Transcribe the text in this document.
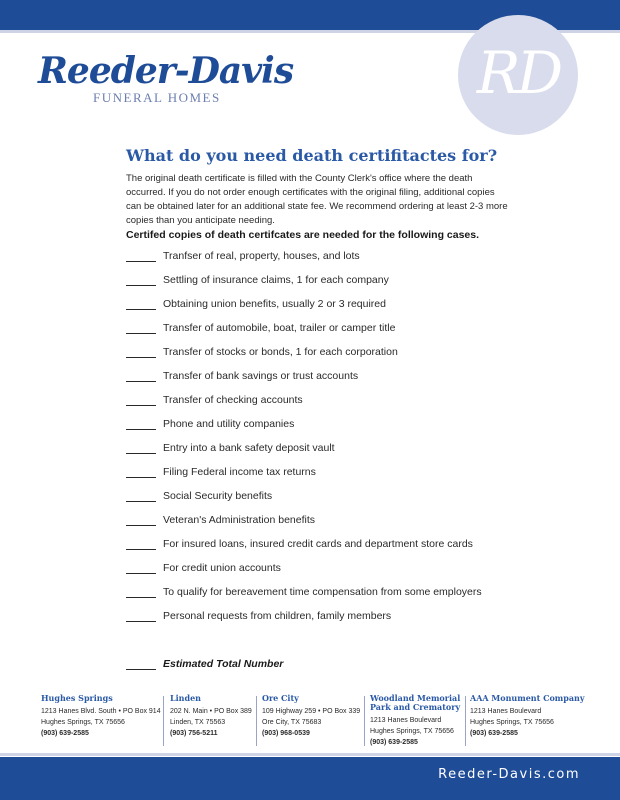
RD
Reeder-Davis
FUNERAL HOMES
What do you need death certifitactes for?
The original death certificate is filled with the County Clerk's office where the death occurred. If you do not order enough certificates with the original filing, additional copies can be obtained later for an additional state fee. We recommend ordering at least 2-3 more copies than you anticipate needing.
Certifed copies of death certifcates are needed for the following cases.
Tranfser of real, property, houses, and lots
Settling of insurance claims, 1 for each company
Obtaining union benefits, usually 2 or 3 required
Transfer of automobile, boat, trailer or camper title
Transfer of stocks or bonds, 1 for each corporation
Transfer of bank savings or trust accounts
Transfer of checking accounts
Phone and utility companies
Entry into a bank safety deposit vault
Filing Federal income tax returns
Social Security benefits
Veteran's Administration benefits
For insured loans, insured credit cards and department store cards
For credit union accounts
To qualify for bereavement time compensation from some employers
Personal requests from children, family members
Estimated Total Number
Hughes Springs
1213 Hanes Blvd. South • PO Box 914
Hughes Springs, TX 75656
(903) 639-2585
Linden
202 N. Main • PO Box 389
Linden, TX 75563
(903) 756-5211
Ore City
109 Highway 259 • PO Box 339
Ore City, TX 75683
(903) 968-0539
Woodland Memorial Park and Crematory
1213 Hanes Boulevard
Hughes Springs, TX 75656
(903) 639-2585
AAA Monument Company
1213 Hanes Boulevard
Hughes Springs, TX 75656
(903) 639-2585
Reeder-Davis.com
